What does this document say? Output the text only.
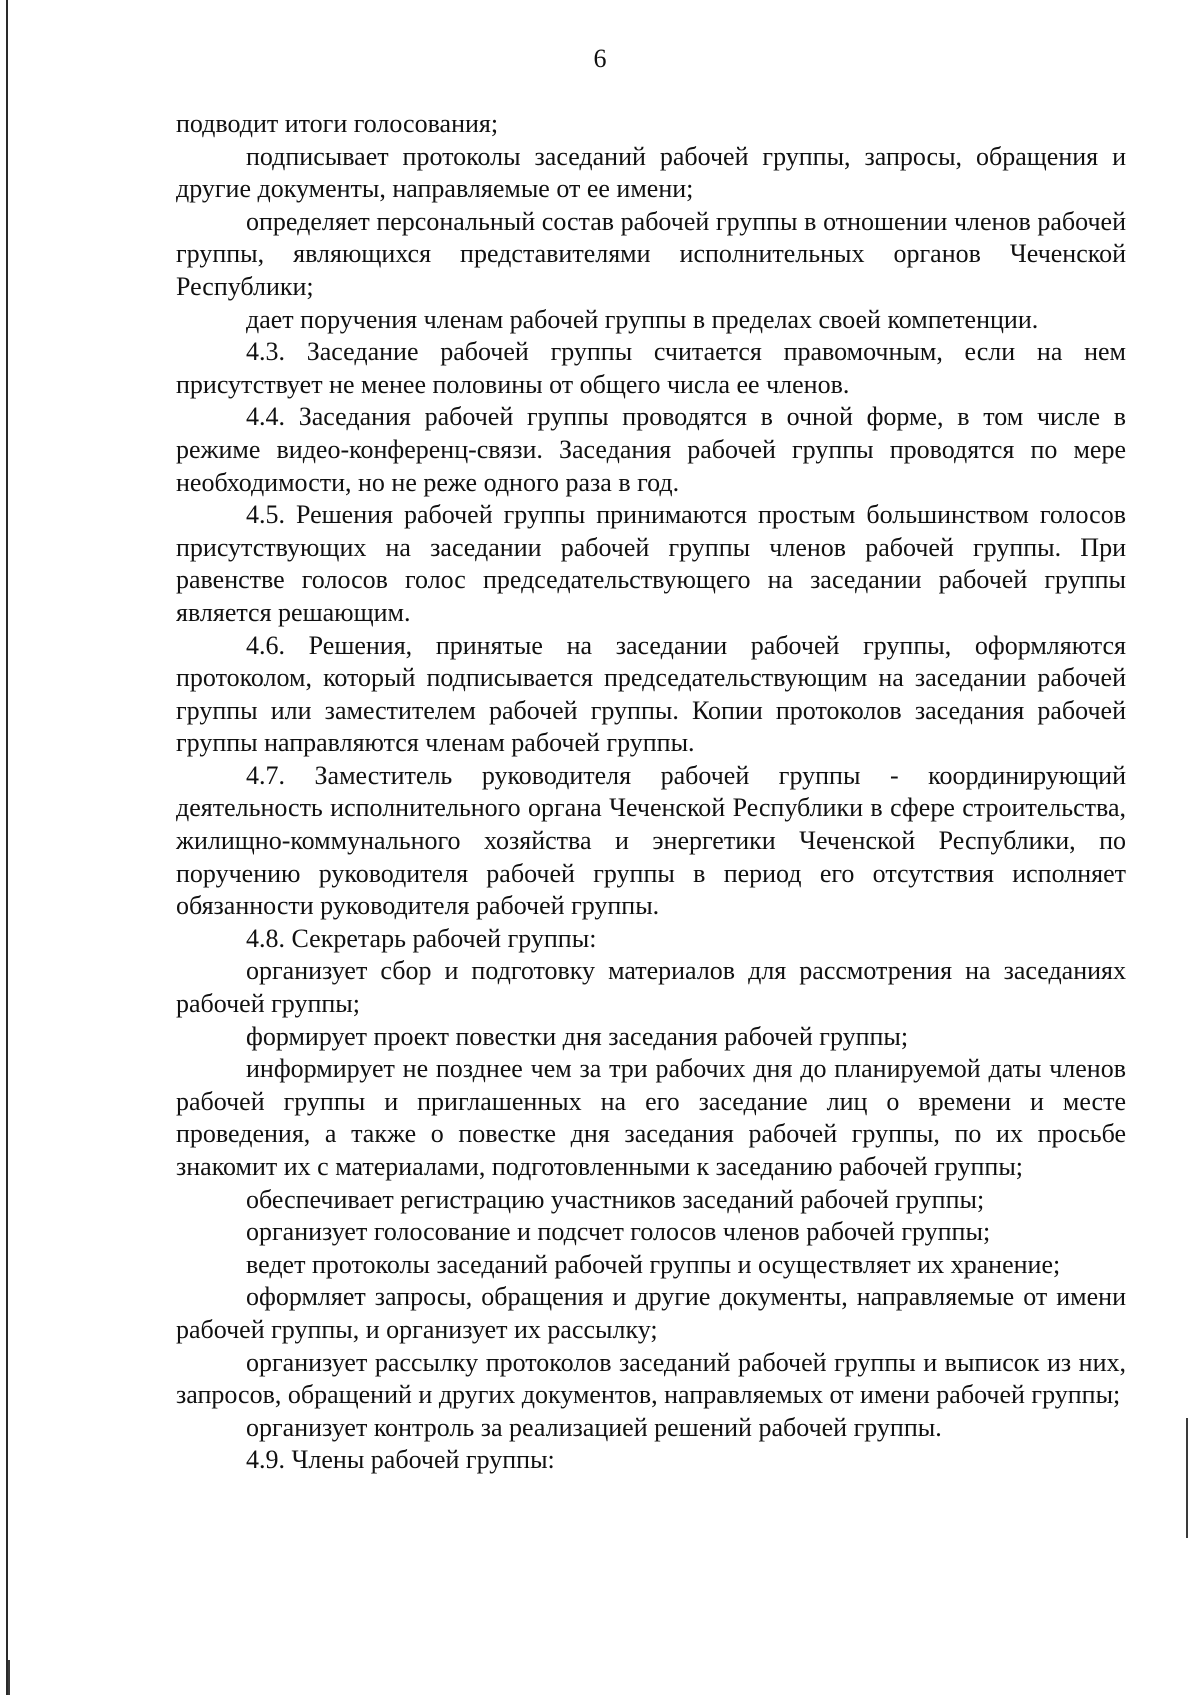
6

подводит итоги голосования;

подписывает протоколы заседаний рабочей группы, запросы, обращения и другие документы, направляемые от ее имени;

определяет персональный состав рабочей группы в отношении членов рабочей группы, являющихся представителями исполнительных органов Чеченской Республики;

дает поручения членам рабочей группы в пределах своей компетенции.

4.3. Заседание рабочей группы считается правомочным, если на нем присутствует не менее половины от общего числа ее членов.

4.4. Заседания рабочей группы проводятся в очной форме, в том числе в режиме видео-конференц-связи. Заседания рабочей группы проводятся по мере необходимости, но не реже одного раза в год.

4.5. Решения рабочей группы принимаются простым большинством голосов присутствующих на заседании рабочей группы членов рабочей группы. При равенстве голосов голос председательствующего на заседании рабочей группы является решающим.

4.6. Решения, принятые на заседании рабочей группы, оформляются протоколом, который подписывается председательствующим на заседании рабочей группы или заместителем рабочей группы. Копии протоколов заседания рабочей группы направляются членам рабочей группы.

4.7. Заместитель руководителя рабочей группы - координирующий деятельность исполнительного органа Чеченской Республики в сфере строительства, жилищно-коммунального хозяйства и энергетики Чеченской Республики, по поручению руководителя рабочей группы в период его отсутствия исполняет обязанности руководителя рабочей группы.

4.8. Секретарь рабочей группы:

организует сбор и подготовку материалов для рассмотрения на заседаниях рабочей группы;

формирует проект повестки дня заседания рабочей группы;

информирует не позднее чем за три рабочих дня до планируемой даты членов рабочей группы и приглашенных на его заседание лиц о времени и месте проведения, а также о повестке дня заседания рабочей группы, по их просьбе знакомит их с материалами, подготовленными к заседанию рабочей группы;

обеспечивает регистрацию участников заседаний рабочей группы;

организует голосование и подсчет голосов членов рабочей группы;

ведет протоколы заседаний рабочей группы и осуществляет их хранение;

оформляет запросы, обращения и другие документы, направляемые от имени рабочей группы, и организует их рассылку;

организует рассылку протоколов заседаний рабочей группы и выписок из них, запросов, обращений и других документов, направляемых от имени рабочей группы;

организует контроль за реализацией решений рабочей группы.

4.9. Члены рабочей группы:
